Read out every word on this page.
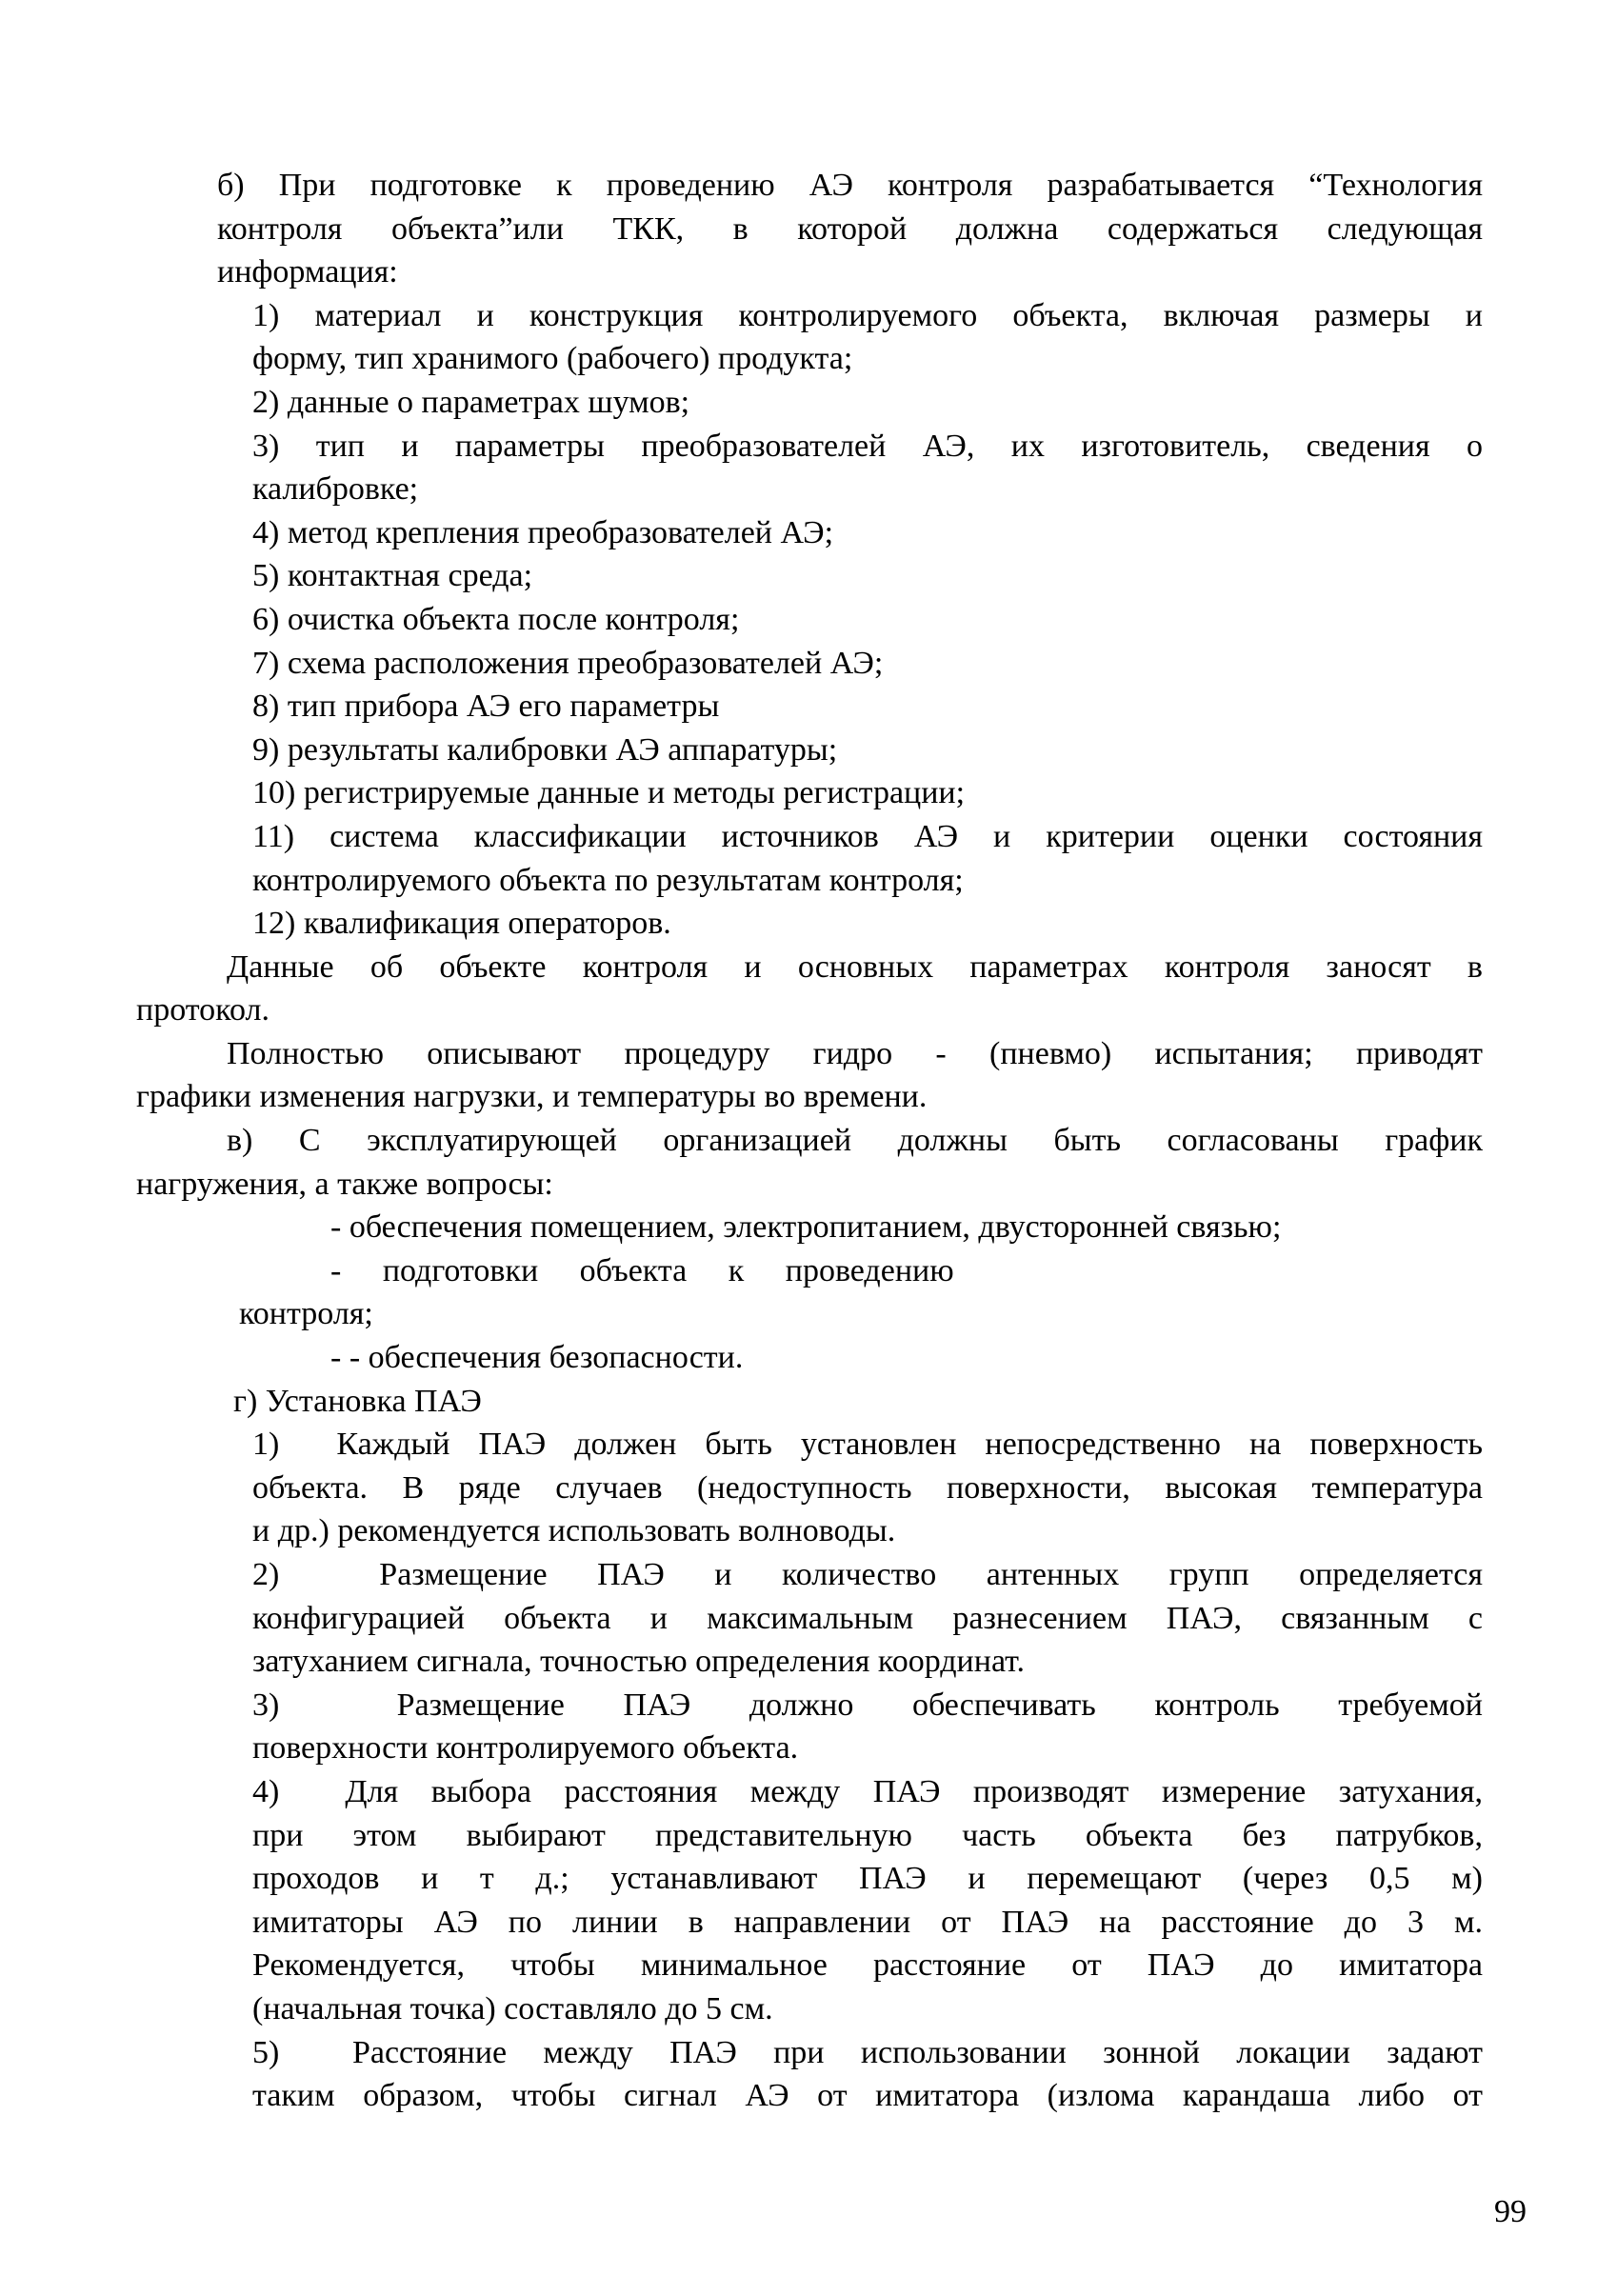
б) При подготовке к проведению АЭ контроля разрабатывается “Технология
контроля объекта”или ТКК, в которой должна содержаться следующая
информация:
1) материал и конструкция контролируемого объекта, включая размеры и
форму, тип хранимого (рабочего) продукта;
2) данные о параметрах шумов;
3) тип и параметры преобразователей АЭ, их изготовитель, сведения о
калибровке;
4) метод крепления преобразователей АЭ;
5) контактная среда;
6) очистка объекта после контроля;
7) схема расположения преобразователей АЭ;
8) тип прибора АЭ его параметры
9) результаты калибровки АЭ аппаратуры;
10) регистрируемые данные и методы регистрации;
11) система классификации источников АЭ и критерии оценки состояния
контролируемого объекта по результатам контроля;
12) квалификация операторов.
Данные об объекте контроля и основных параметрах контроля заносят в
протокол.
Полностью описывают процедуру гидро - (пневмо) испытания; приводят
графики изменения нагрузки, и температуры во времени.
в) С эксплуатирующей организацией должны быть согласованы график
нагружения, а также вопросы:
- обеспечения помещением, электропитанием, двусторонней связью;
- подготовки объекта к проведению
контроля;
- - обеспечения безопасности.
г) Установка ПАЭ
1)  Каждый ПАЭ должен быть установлен непосредственно на поверхность
объекта. В ряде случаев (недоступность поверхности, высокая температура
и др.) рекомендуется использовать волноводы.
2)  Размещение ПАЭ и количество антенных групп определяется
конфигурацией объекта и максимальным разнесением ПАЭ, связанным с
затуханием сигнала, точностью определения координат.
3)  Размещение ПАЭ должно обеспечивать контроль требуемой
поверхности контролируемого объекта.
4)  Для выбора расстояния между ПАЭ производят измерение затухания,
при этом выбирают представительную часть объекта без патрубков,
проходов и т д.; устанавливают ПАЭ и перемещают (через 0,5 м)
имитаторы АЭ по линии в направлении от ПАЭ на расстояние до 3 м.
Рекомендуется, чтобы минимальное расстояние от ПАЭ до имитатора
(начальная точка) составляло до 5 см.
5)  Расстояние между ПАЭ при использовании зонной локации задают
таким образом, чтобы сигнал АЭ от имитатора (излома карандаша либо от
99
